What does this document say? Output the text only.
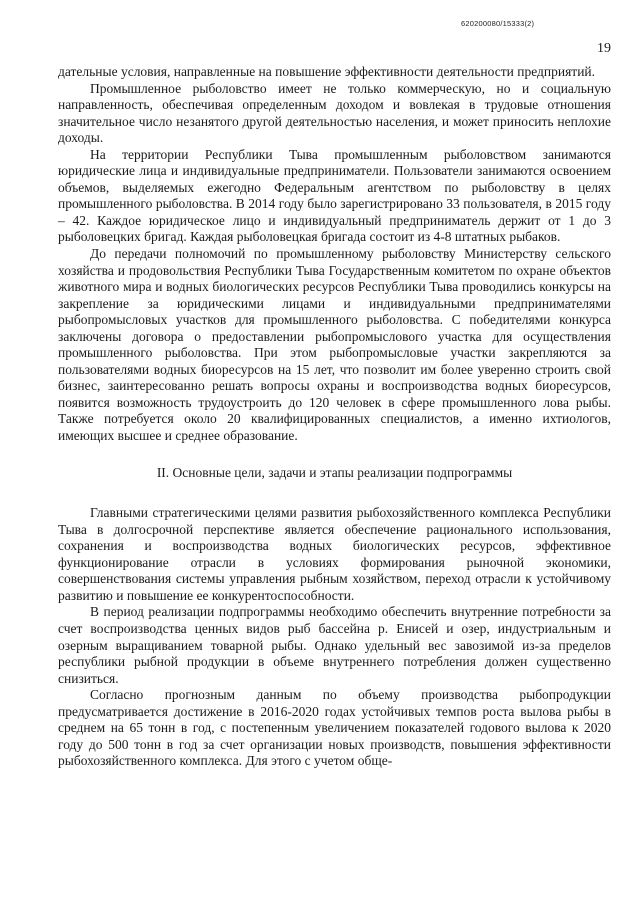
620200080/15333(2)
19

дательные условия, направленные на повышение эффективности деятельности предприятий.

Промышленное рыболовство имеет не только коммерческую, но и социальную направленность, обеспечивая определенным доходом и вовлекая в трудовые отношения значительное число незанятого другой деятельностью населения, и может приносить неплохие доходы.

На территории Республики Тыва промышленным рыболовством занимаются юридические лица и индивидуальные предприниматели. Пользователи занимаются освоением объемов, выделяемых ежегодно Федеральным агентством по рыболовству в целях промышленного рыболовства. В 2014 году было зарегистрировано 33 пользователя, в 2015 году – 42. Каждое юридическое лицо и индивидуальный предприниматель держит от 1 до 3 рыболовецких бригад. Каждая рыболовецкая бригада состоит из 4-8 штатных рыбаков.

До передачи полномочий по промышленному рыболовству Министерству сельского хозяйства и продовольствия Республики Тыва Государственным комитетом по охране объектов животного мира и водных биологических ресурсов Республики Тыва проводились конкурсы на закрепление за юридическими лицами и индивидуальными предпринимателями рыбопромысловых участков для промышленного рыболовства. С победителями конкурса заключены договора о предоставлении рыбопромыслового участка для осуществления промышленного рыболовства. При этом рыбопромысловые участки закрепляются за пользователями водных биоресурсов на 15 лет, что позволит им более уверенно строить свой бизнес, заинтересованно решать вопросы охраны и воспроизводства водных биоресурсов, появится возможность трудоустроить до 120 человек в сфере промышленного лова рыбы. Также потребуется около 20 квалифицированных специалистов, а именно ихтиологов, имеющих высшее и среднее образование.

II. Основные цели, задачи и этапы реализации подпрограммы

Главными стратегическими целями развития рыбохозяйственного комплекса Республики Тыва в долгосрочной перспективе является обеспечение рационального использования, сохранения и воспроизводства водных биологических ресурсов, эффективное функционирование отрасли в условиях формирования рыночной экономики, совершенствования системы управления рыбным хозяйством, переход отрасли к устойчивому развитию и повышение ее конкурентоспособности.

В период реализации подпрограммы необходимо обеспечить внутренние потребности за счет воспроизводства ценных видов рыб бассейна р. Енисей и озер, индустриальным и озерным выращиванием товарной рыбы. Однако удельный вес завозимой из-за пределов республики рыбной продукции в объеме внутреннего потребления должен существенно снизиться.

Согласно прогнозным данным по объему производства рыбопродукции предусматривается достижение в 2016-2020 годах устойчивых темпов роста вылова рыбы в среднем на 65 тонн в год, с постепенным увеличением показателей годового вылова к 2020 году до 500 тонн в год за счет организации новых производств, повышения эффективности рыбохозяйственного комплекса. Для этого с учетом обще-
